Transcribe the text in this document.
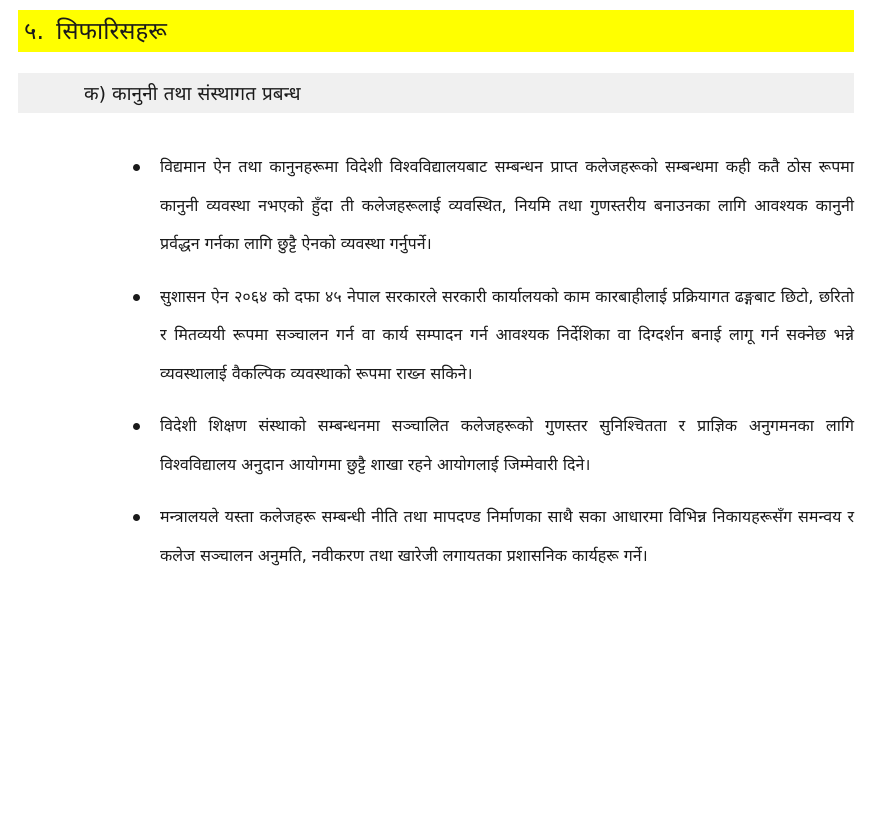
५. सिफारिसहरू
क) कानुनी तथा संस्थागत प्रबन्ध
विद्यमान ऐन तथा कानुनहरूमा विदेशी विश्वविद्यालयबाट सम्बन्धन प्राप्त कलेजहरूको सम्बन्धमा कही कतै ठोस रूपमा कानुनी व्यवस्था नभएको हुँदा ती कलेजहरूलाई व्यवस्थित, नियमि तथा गुणस्तरीय बनाउनका लागि आवश्यक कानुनी प्रर्वद्धन गर्नका लागि छुट्टै ऐनको व्यवस्था गर्नुपर्ने।
सुशासन ऐन २०६४ को दफा ४५ नेपाल सरकारले सरकारी कार्यालयको काम कारबाहीलाई प्रक्रियागत ढङ्गबाट छिटो, छरितो र मितव्ययी रूपमा सञ्चालन गर्न वा कार्य सम्पादन गर्न आवश्यक निर्देशिका वा दिग्दर्शन बनाई लागू गर्न सक्नेछ भन्ने व्यवस्थालाई वैकल्पिक व्यवस्थाको रूपमा राख्न सकिने।
विदेशी शिक्षण संस्थाको सम्बन्धनमा सञ्चालित कलेजहरूको गुणस्तर सुनिश्चितता र प्राज्ञिक अनुगमनका लागि विश्वविद्यालय अनुदान आयोगमा छुट्टै शाखा रहने आयोगलाई जिम्मेवारी दिने।
मन्त्रालयले यस्ता कलेजहरू सम्बन्धी नीति तथा मापदण्ड निर्माणका साथै सका आधारमा विभिन्न निकायहरूसँग समन्वय र कलेज सञ्चालन अनुमति, नवीकरण तथा खारेजी लगायतका प्रशासनिक कार्यहरू गर्ने।
